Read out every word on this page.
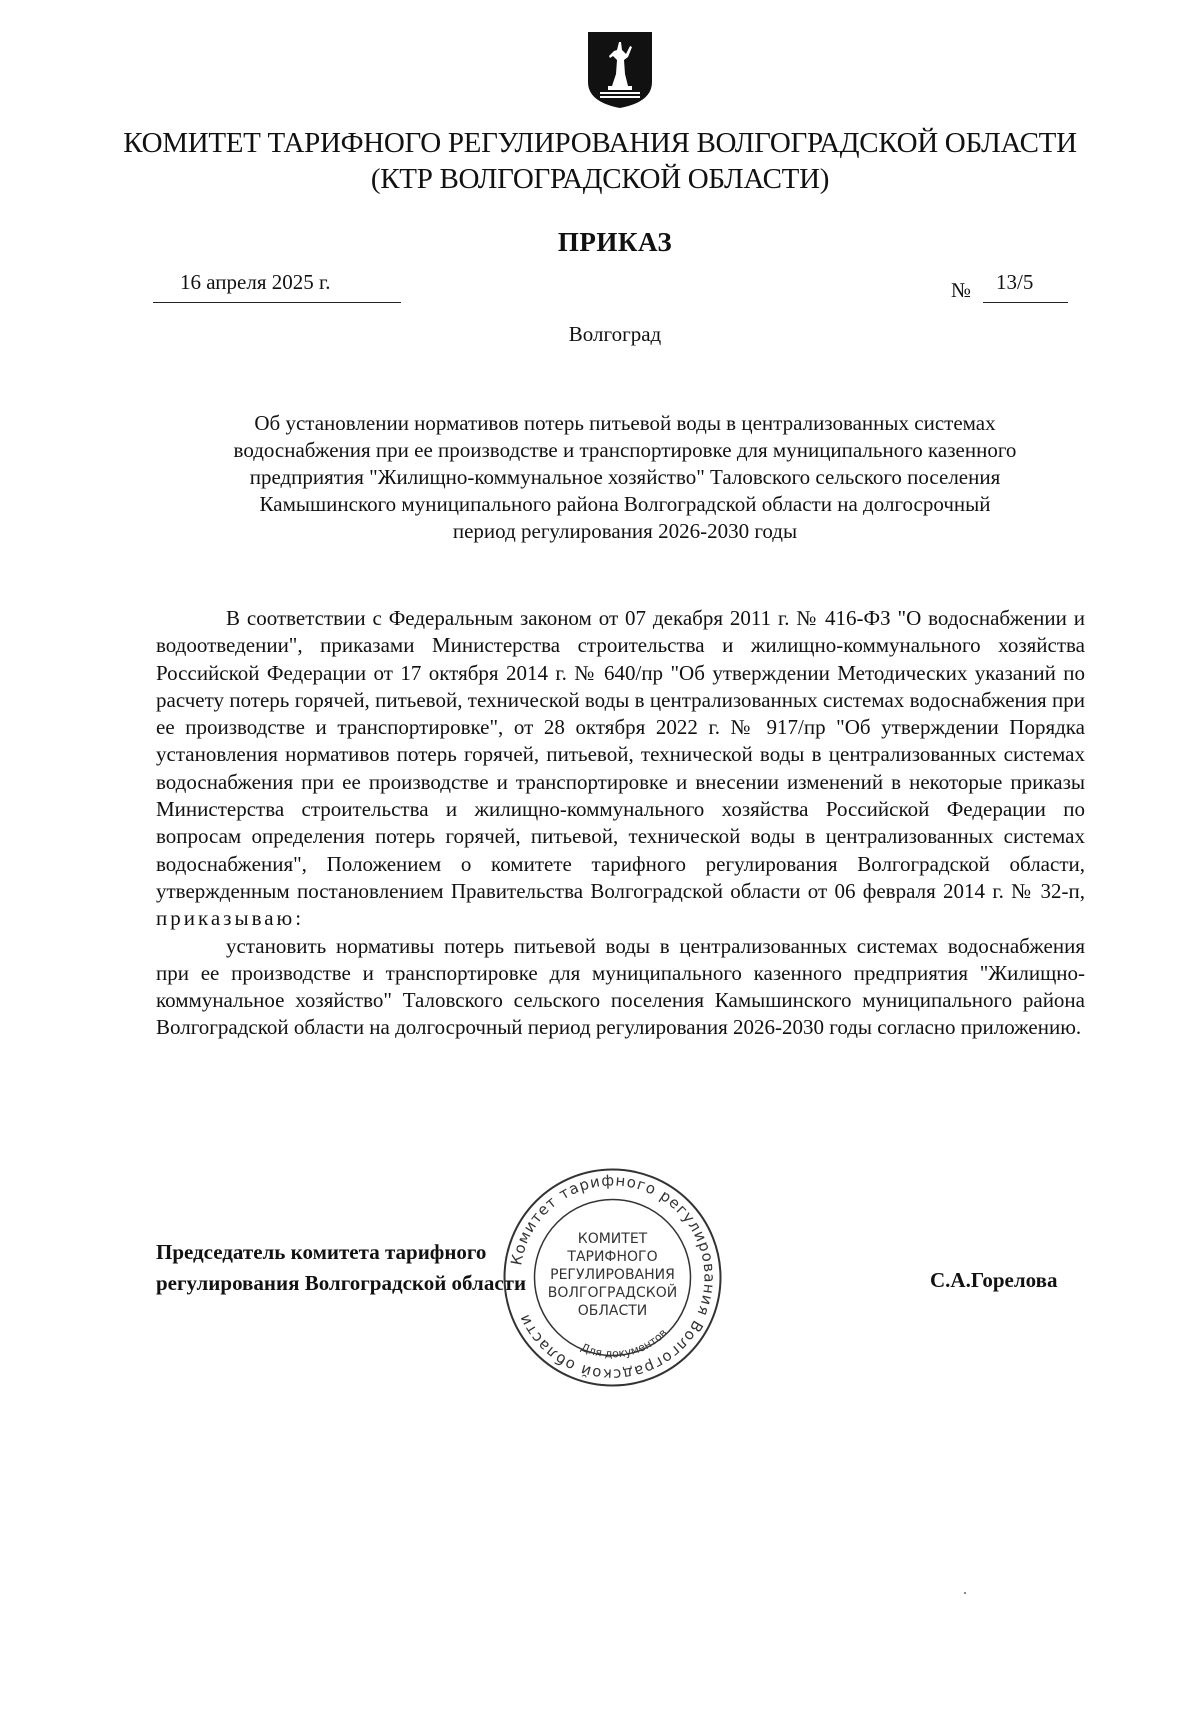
КОМИТЕТ ТАРИФНОГО РЕГУЛИРОВАНИЯ ВОЛГОГРАДСКОЙ ОБЛАСТИ
(КТР ВОЛГОГРАДСКОЙ ОБЛАСТИ)
ПРИКАЗ
16 апреля 2025 г.	№ 13/5
Волгоград
Об установлении нормативов потерь питьевой воды в централизованных системах
водоснабжения при ее производстве и транспортировке для муниципального казенного
предприятия "Жилищно-коммунальное хозяйство" Таловского сельского поселения
Камышинского муниципального района Волгоградской области на долгосрочный
период регулирования 2026-2030 годы

В соответствии с Федеральным законом от 07 декабря 2011 г. № 416-ФЗ "О водоснабжении и водоотведении", приказами Министерства строительства и жилищно-коммунального хозяйства Российской Федерации от 17 октября 2014 г. № 640/пр "Об утверждении Методических указаний по расчету потерь горячей, питьевой, технической воды в централизованных системах водоснабжения при ее производстве и транспортировке", от 28 октября 2022 г. № 917/пр "Об утверждении Порядка установления нормативов потерь горячей, питьевой, технической воды в централизованных системах водоснабжения при ее производстве и транспортировке и внесении изменений в некоторые приказы Министерства строительства и жилищно-коммунального хозяйства Российской Федерации по вопросам определения потерь горячей, питьевой, технической воды в централизованных системах водоснабжения", Положением о комитете тарифного регулирования Волгоградской области, утвержденным постановлением Правительства Волгоградской области от 06 февраля 2014 г. № 32-п, приказываю:

установить нормативы потерь питьевой воды в централизованных системах водоснабжения при ее производстве и транспортировке для муниципального казенного предприятия "Жилищно-коммунальное хозяйство" Таловского сельского поселения Камышинского муниципального района Волгоградской области на долгосрочный период регулирования 2026-2030 годы согласно приложению.

Председатель комитета тарифного
регулирования Волгоградской области	С.А.Горелова
Комитет тарифного регулирования Волгоградской области
КОМИТЕТ
ТАРИФНОГО
РЕГУЛИРОВАНИЯ
ВОЛГОГРАДСКОЙ
ОБЛАСТИ
Для документов
